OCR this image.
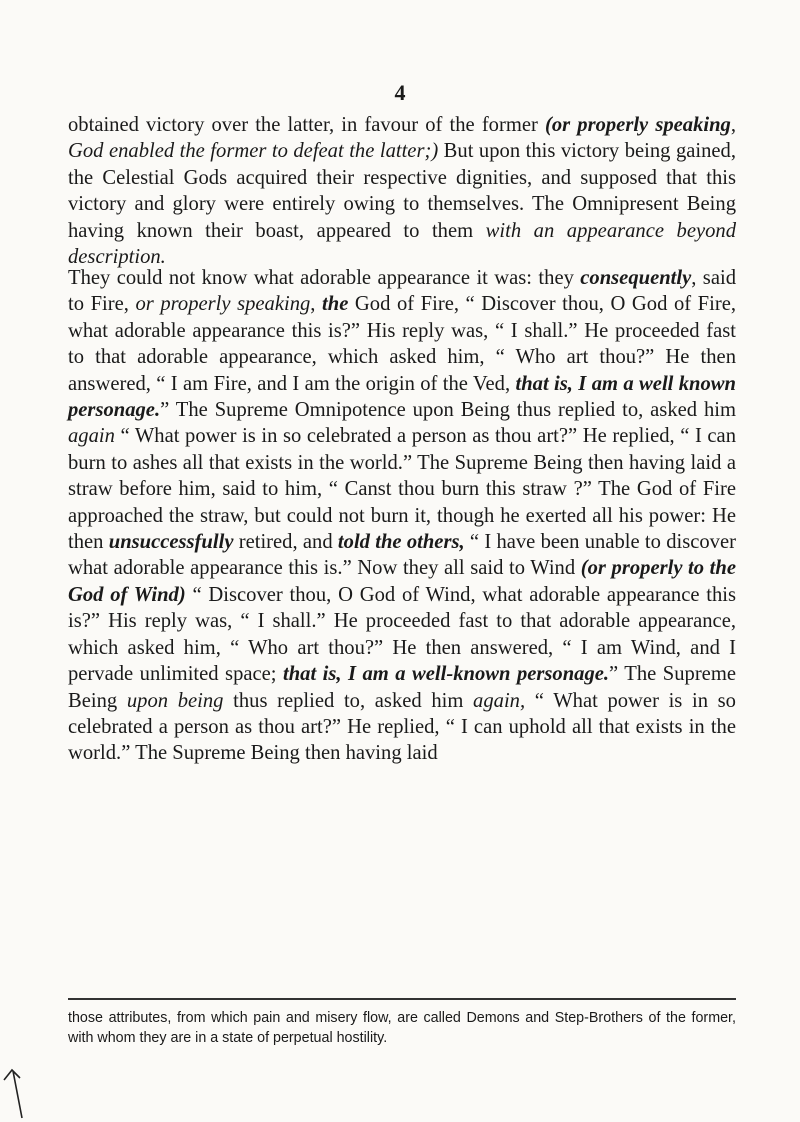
4

obtained victory over the latter, in favour of the former (or properly speaking, God enabled the former to defeat the latter;) But upon this victory being gained, the Celestial Gods acquired their respective dignities, and supposed that this victory and glory were entirely owing to themselves. The Omnipresent Being having known their boast, appeared to them with an appearance beyond description.

They could not know what adorable appearance it was: they consequently, said to Fire, or properly speaking, the God of Fire, “ Discover thou, O God of Fire, what adorable appearance this is?” His reply was, “ I shall.” He proceeded fast to that adorable appearance, which asked him, “ Who art thou?” He then answered, “ I am Fire, and I am the origin of the Ved, that is, I am a well known personage.” The Supreme Omnipotence upon Being thus replied to, asked him again “ What power is in so celebrated a person as thou art?” He replied, “ I can burn to ashes all that exists in the world.” The Supreme Being then having laid a straw before him, said to him, “ Canst thou burn this straw ?” The God of Fire approached the straw, but could not burn it, though he exerted all his power: He then unsuccessfully retired, and told the others, “ I have been unable to discover what adorable appearance this is.” Now they all said to Wind (or properly to the God of Wind) “ Discover thou, O God of Wind, what adorable appearance this is?” His reply was, “ I shall.” He proceeded fast to that adorable appearance, which asked him, “ Who art thou?” He then answered, “ I am Wind, and I pervade unlimited space; that is, I am a well-known personage.” The Supreme Being upon being thus replied to, asked him again, “ What power is in so celebrated a person as thou art?” He replied, “ I can uphold all that exists in the world.” The Supreme Being then having laid

those attributes, from which pain and misery flow, are called Demons and Step-Brothers of the former, with whom they are in a state of perpetual hostility.
